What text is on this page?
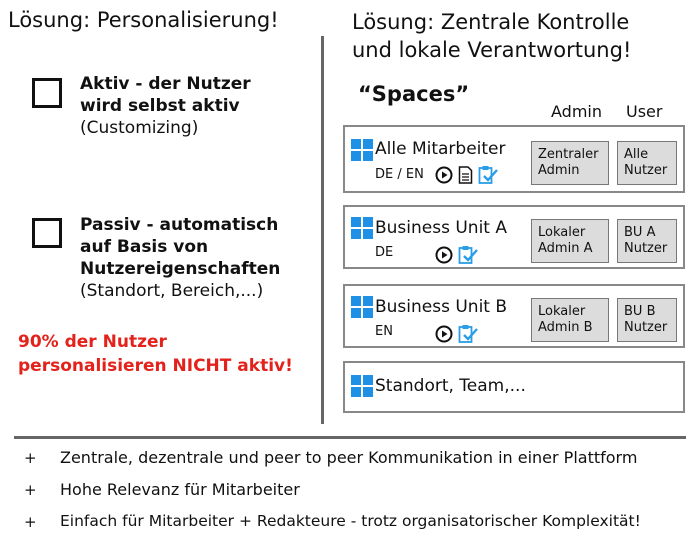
Lösung: Personalisierung!
Aktiv - der Nutzer
wird selbst aktiv
(Customizing)
Passiv - automatisch
auf Basis von
Nutzereigenschaften
(Standort, Bereich,...)
90% der Nutzer
personalisieren NICHT aktiv!
Lösung: Zentrale Kontrolle
und lokale Verantwortung!
“Spaces”
Admin User
Alle Mitarbeiter
DE / EN
Zentraler
Admin
Alle
Nutzer
Business Unit A
DE
Lokaler
Admin A
BU A
Nutzer
Business Unit B
EN
Lokaler
Admin B
BU B
Nutzer
Standort, Team,...
+ Zentrale, dezentrale und peer to peer Kommunikation in einer Plattform
+ Hohe Relevanz für Mitarbeiter
+ Einfach für Mitarbeiter + Redakteure - trotz organisatorischer Komplexität!
